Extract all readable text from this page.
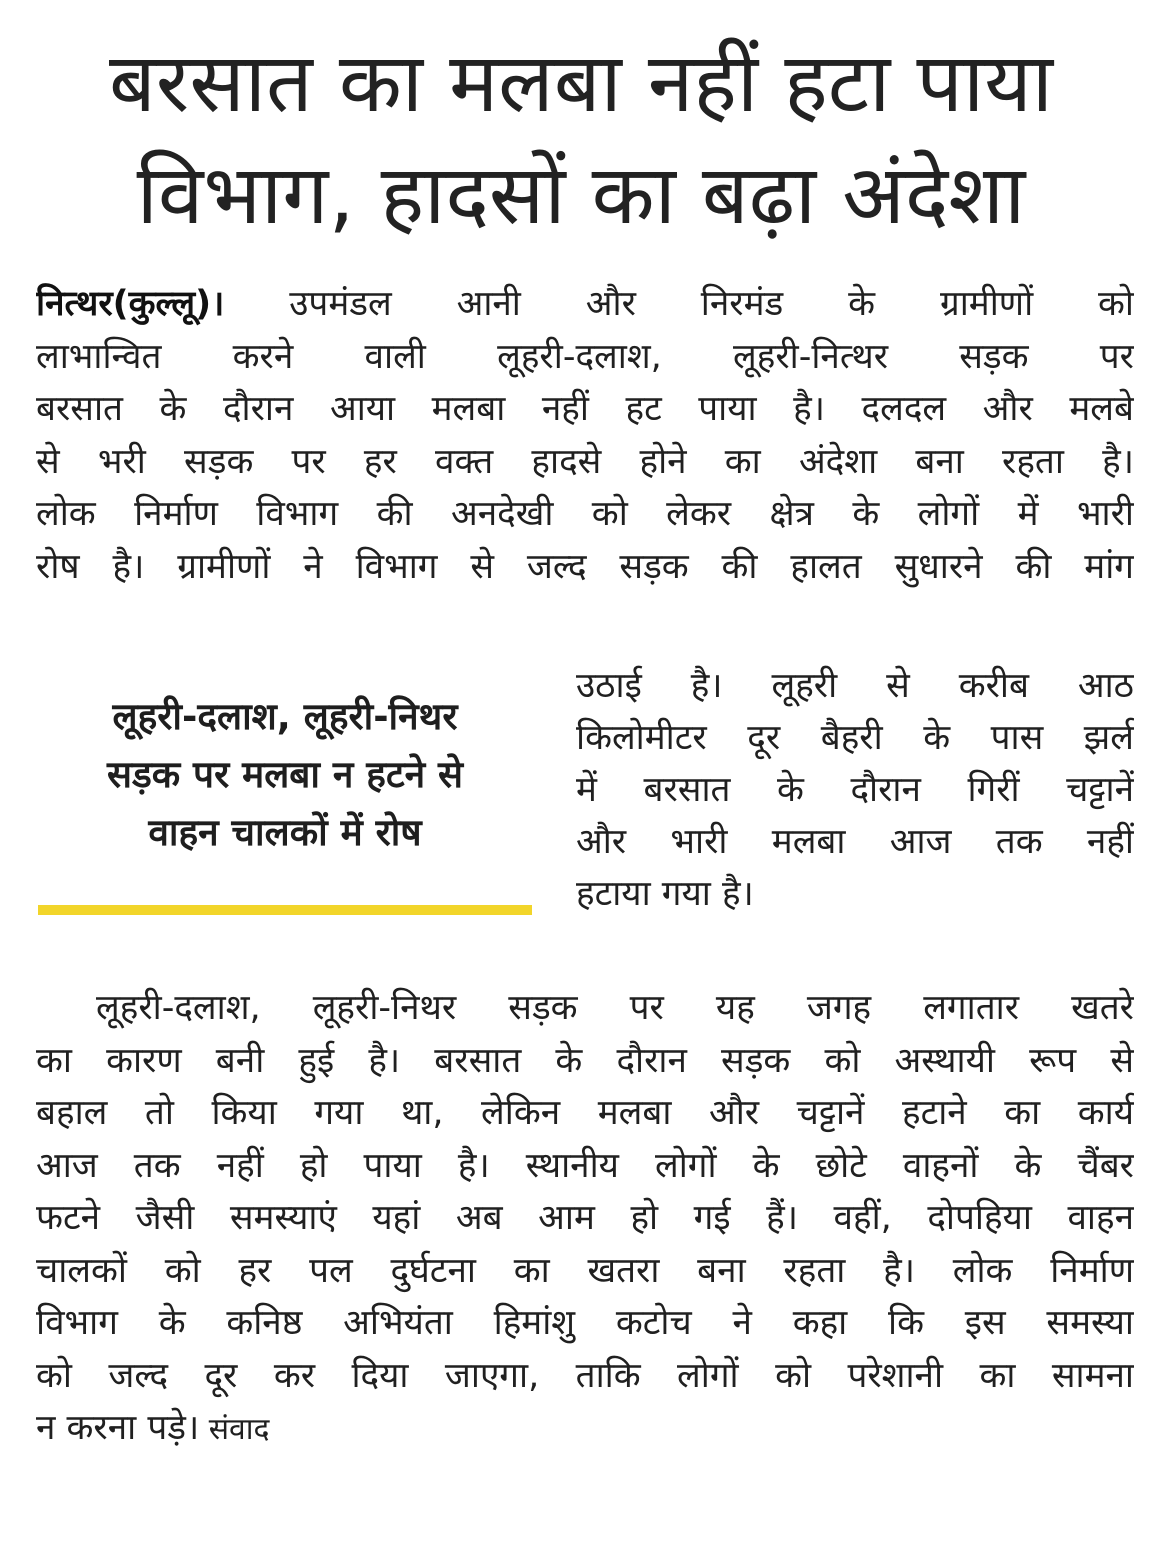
बरसात का मलबा नहीं हटा पाया
विभाग, हादसों का बढ़ा अंदेशा
नित्थर(कुल्लू)। उपमंडल आनी और निरमंड के ग्रामीणों को
लाभान्वित करने वाली लूहरी-दलाश, लूहरी-नित्थर सड़क पर
बरसात के दौरान आया मलबा नहीं हट पाया है। दलदल और मलबे
से भरी सड़क पर हर वक्त हादसे होने का अंदेशा बना रहता है।
लोक निर्माण विभाग की अनदेखी को लेकर क्षेत्र के लोगों में भारी
रोष है। ग्रामीणों ने विभाग से जल्द सड़क की हालत सुधारने की मांग
लूहरी-दलाश, लूहरी-निथर
सड़क पर मलबा न हटने से
वाहन चालकों में रोष
उठाई है। लूहरी से करीब आठ
किलोमीटर दूर बैहरी के पास झर्ल
में बरसात के दौरान गिरीं चट्टानें
और भारी मलबा आज तक नहीं
हटाया गया है।
लूहरी-दलाश, लूहरी-निथर सड़क पर यह जगह लगातार खतरे
का कारण बनी हुई है। बरसात के दौरान सड़क को अस्थायी रूप से
बहाल तो किया गया था, लेकिन मलबा और चट्टानें हटाने का कार्य
आज तक नहीं हो पाया है। स्थानीय लोगों के छोटे वाहनों के चैंबर
फटने जैसी समस्याएं यहां अब आम हो गई हैं। वहीं, दोपहिया वाहन
चालकों को हर पल दुर्घटना का खतरा बना रहता है। लोक निर्माण
विभाग के कनिष्ठ अभियंता हिमांशु कटोच ने कहा कि इस समस्या
को जल्द दूर कर दिया जाएगा, ताकि लोगों को परेशानी का सामना
न करना पड़े। संवाद
